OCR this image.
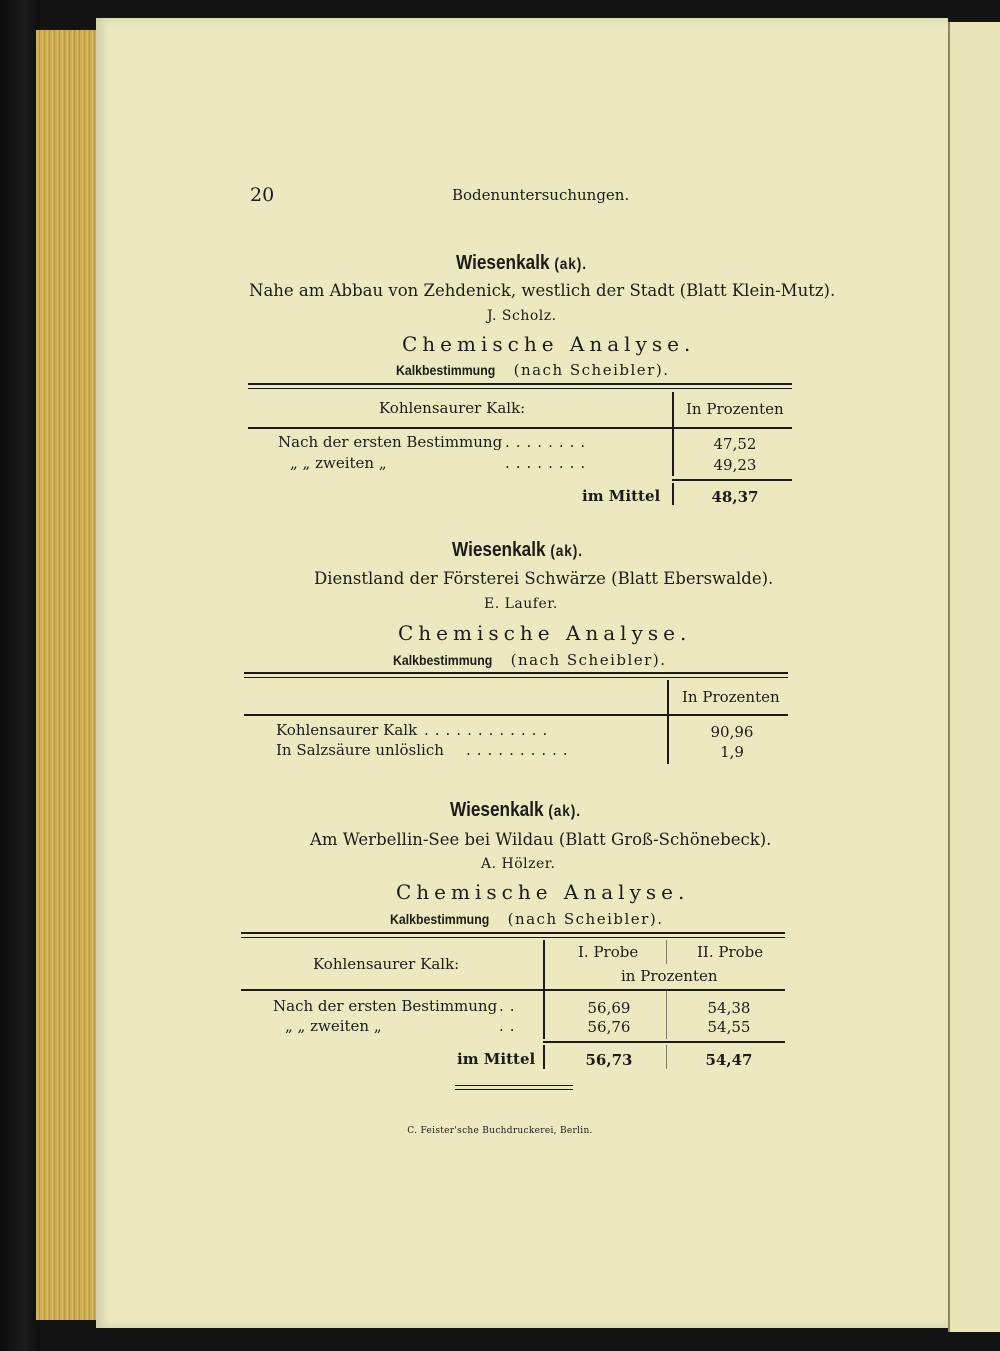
20	Bodenuntersuchungen.
Wiesenkalk (ak).
Nahe am Abbau von Zehdenick, westlich der Stadt (Blatt Klein-Mutz).
J. Scholz.
Chemische Analyse.
Kalkbestimmung (nach Scheibler).
Kohlensaurer Kalk:	In Prozenten
Nach der ersten Bestimmung ........	47,52
„ „ zweiten „	........	49,23
im Mittel	48,37
Wiesenkalk (ak).
Dienstland der Försterei Schwärze (Blatt Eberswalde).
E. Laufer.
Chemische Analyse.
Kalkbestimmung (nach Scheibler).
In Prozenten
Kohlensaurer Kalk ............	90,96
In Salzsäure unlöslich ..........	1,9
Wiesenkalk (ak).
Am Werbellin-See bei Wildau (Blatt Groß-Schönebeck).
A. Hölzer.
Chemische Analyse.
Kalkbestimmung (nach Scheibler).
Kohlensaurer Kalk:
I. Probe	II. Probe
in Prozenten
Nach der ersten Bestimmung ..	56,69	54,38
„ „ zweiten „	..	56,76	54,55
im Mittel	56,73	54,47
C. Feister'sche Buchdruckerei, Berlin.
